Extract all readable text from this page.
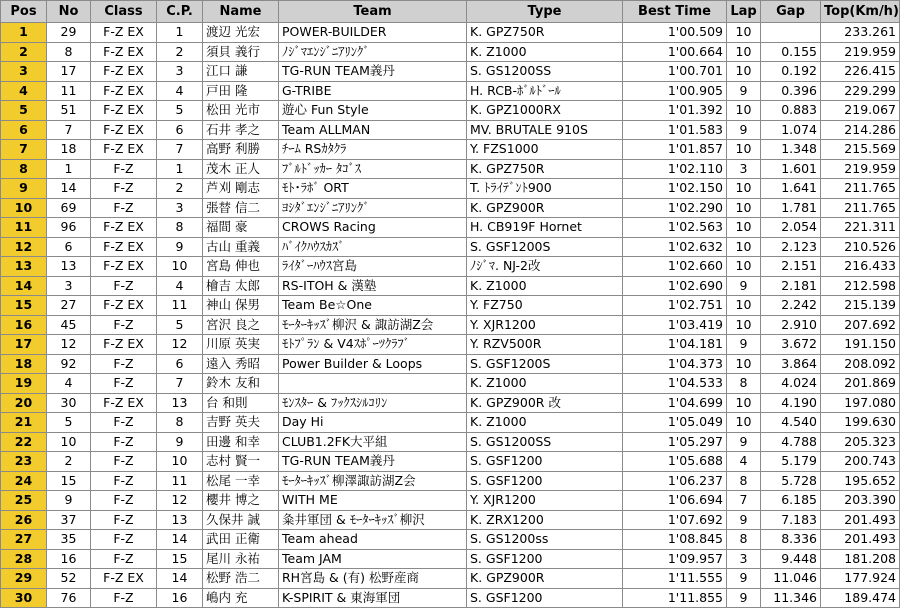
Pos	No	Class	C.P.	Name	Team	Type	Best Time	Lap	Gap	Top(Km/h)
1	29	F-Z EX	1	渡辺 光宏	POWER-BUILDER	K. GPZ750R	1'00.509	10		233.261
2	8	F-Z EX	2	須貝 義行	ﾉｼﾞﾏｴﾝｼﾞﾆｱﾘﾝｸﾞ	K. Z1000	1'00.664	10	0.155	219.959
3	17	F-Z EX	3	江口 謙	TG-RUN TEAM義丹	S. GS1200SS	1'00.701	10	0.192	226.415
4	11	F-Z EX	4	戸田 隆	G-TRIBE	H. RCB-ﾎﾞﾙﾄﾞｰﾙ	1'00.905	9	0.396	229.299
5	51	F-Z EX	5	松田 光市	遊心 Fun Style	K. GPZ1000RX	1'01.392	10	0.883	219.067
6	7	F-Z EX	6	石井 孝之	Team ALLMAN	MV. BRUTALE 910S	1'01.583	9	1.074	214.286
7	18	F-Z EX	7	高野 利勝	ﾁｰﾑ RSｶﾀｸﾗ	Y. FZS1000	1'01.857	10	1.348	215.569
8	1	F-Z	1	茂木 正人	ﾌﾞﾙﾄﾞｯｶｰ ﾀｺﾞｽ	K. GPZ750R	1'02.110	3	1.601	219.959
9	14	F-Z	2	芦刈 剛志	ﾓﾄ･ﾗﾎﾞ ORT	T. ﾄﾗｲﾃﾞﾝﾄ900	1'02.150	10	1.641	211.765
10	69	F-Z	3	張替 信二	ﾖｼﾀﾞｴﾝｼﾞﾆｱﾘﾝｸﾞ	K. GPZ900R	1'02.290	10	1.781	211.765
11	96	F-Z EX	8	福間 豪	CROWS Racing	H. CB919F Hornet	1'02.563	10	2.054	221.311
12	6	F-Z EX	9	古山 重義	ﾊﾞｲｸﾊｳｽｶｽﾞ	S. GSF1200S	1'02.632	10	2.123	210.526
13	13	F-Z EX	10	宮島 伸也	ﾗｲﾀﾞｰﾊｳｽ宮島	ﾉｼﾞﾏ. NJ-2改	1'02.660	10	2.151	216.433
14	3	F-Z	4	檜吉 太郎	RS-ITOH & 漢塾	K. Z1000	1'02.690	9	2.181	212.598
15	27	F-Z EX	11	神山 保男	Team Be☆One	Y. FZ750	1'02.751	10	2.242	215.139
16	45	F-Z	5	宮沢 良之	ﾓｰﾀｰｷｯｽﾞ柳沢 & 諏訪湖Z会	Y. XJR1200	1'03.419	10	2.910	207.692
17	12	F-Z EX	12	川原 英実	ﾓﾄﾌﾟﾗﾝ & V4ｽﾎﾟｰﾂｸﾗﾌﾞ	Y. RZV500R	1'04.181	9	3.672	191.150
18	92	F-Z	6	遠入 秀昭	Power Builder & Loops	S. GSF1200S	1'04.373	10	3.864	208.092
19	4	F-Z	7	鈴木 友和		K. Z1000	1'04.533	8	4.024	201.869
20	30	F-Z EX	13	台 和則	ﾓﾝｽﾀｰ & ﾌｯｸｽｼﾙｺﾘﾝ	K. GPZ900R 改	1'04.699	10	4.190	197.080
21	5	F-Z	8	吉野 英夫	Day Hi	K. Z1000	1'05.049	10	4.540	199.630
22	10	F-Z	9	田邊 和幸	CLUB1.2FK大平組	S. GS1200SS	1'05.297	9	4.788	205.323
23	2	F-Z	10	志村 賢一	TG-RUN TEAM義丹	S. GSF1200	1'05.688	4	5.179	200.743
24	15	F-Z	11	松尾 一幸	ﾓｰﾀｰｷｯｽﾞ柳澤諏訪湖Z会	S. GSF1200	1'06.237	8	5.728	195.652
25	9	F-Z	12	櫻井 博之	WITH ME	Y. XJR1200	1'06.694	7	6.185	203.390
26	37	F-Z	13	久保井 誠	粂井軍団 & ﾓｰﾀｰｷｯｽﾞ柳沢	K. ZRX1200	1'07.692	9	7.183	201.493
27	35	F-Z	14	武田 正衛	Team ahead	S. GS1200ss	1'08.845	8	8.336	201.493
28	16	F-Z	15	尾川 永祐	Team JAM	S. GSF1200	1'09.957	3	9.448	181.208
29	52	F-Z EX	14	松野 浩二	RH宮島 & (有) 松野産商	K. GPZ900R	1'11.555	9	11.046	177.924
30	76	F-Z	16	嶋内 充	K-SPIRIT & 東海軍団	S. GSF1200	1'11.855	9	11.346	189.474
